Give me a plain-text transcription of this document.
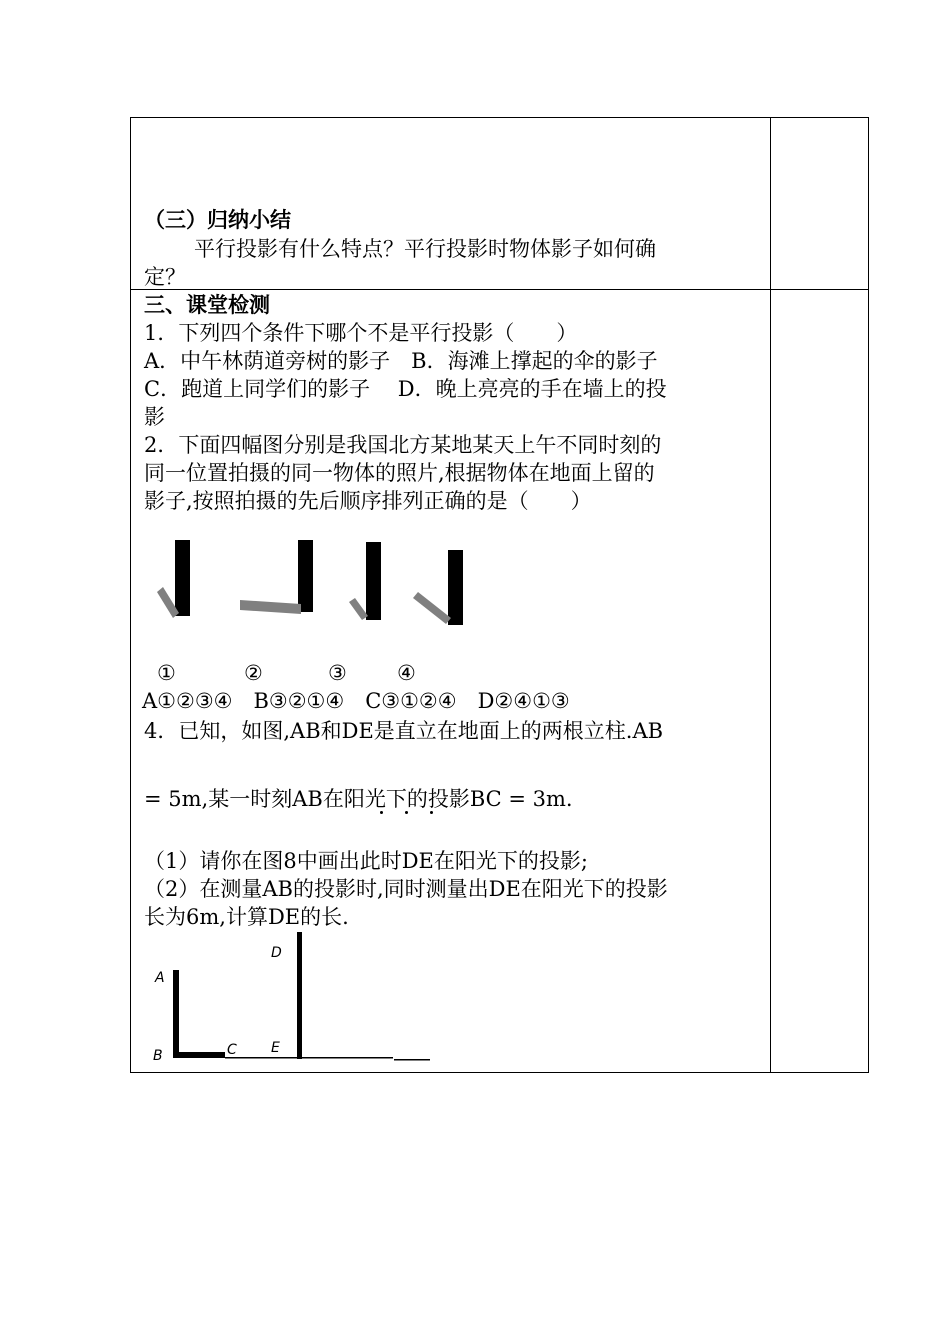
（三）归纳小结
平行投影有什么特点？平行投影时物体影子如何确
定？
三、课堂检测
1．下列四个条件下哪个不是平行投影（　　）
A．中午林荫道旁树的影子　B．海滩上撑起的伞的影子
C．跑道上同学们的影子　 D．晚上亮亮的手在墙上的投
影
2．下面四幅图分别是我国北方某地某天上午不同时刻的
同一位置拍摄的同一物体的照片,根据物体在地面上留的
影子,按照拍摄的先后顺序排列正确的是（　　）
①	②	③ ④
A①②③④　B③②①④　C③①②④　D②④①③
4．已知，如图,AB和DE是直立在地面上的两根立柱.AB
= 5m,某一时刻AB在阳光下的投影BC = 3m.
（1）请你在图8中画出此时DE在阳光下的投影;
（2）在测量AB的投影时,同时测量出DE在阳光下的投影
长为6m,计算DE的长.
A
B	C
D
E
